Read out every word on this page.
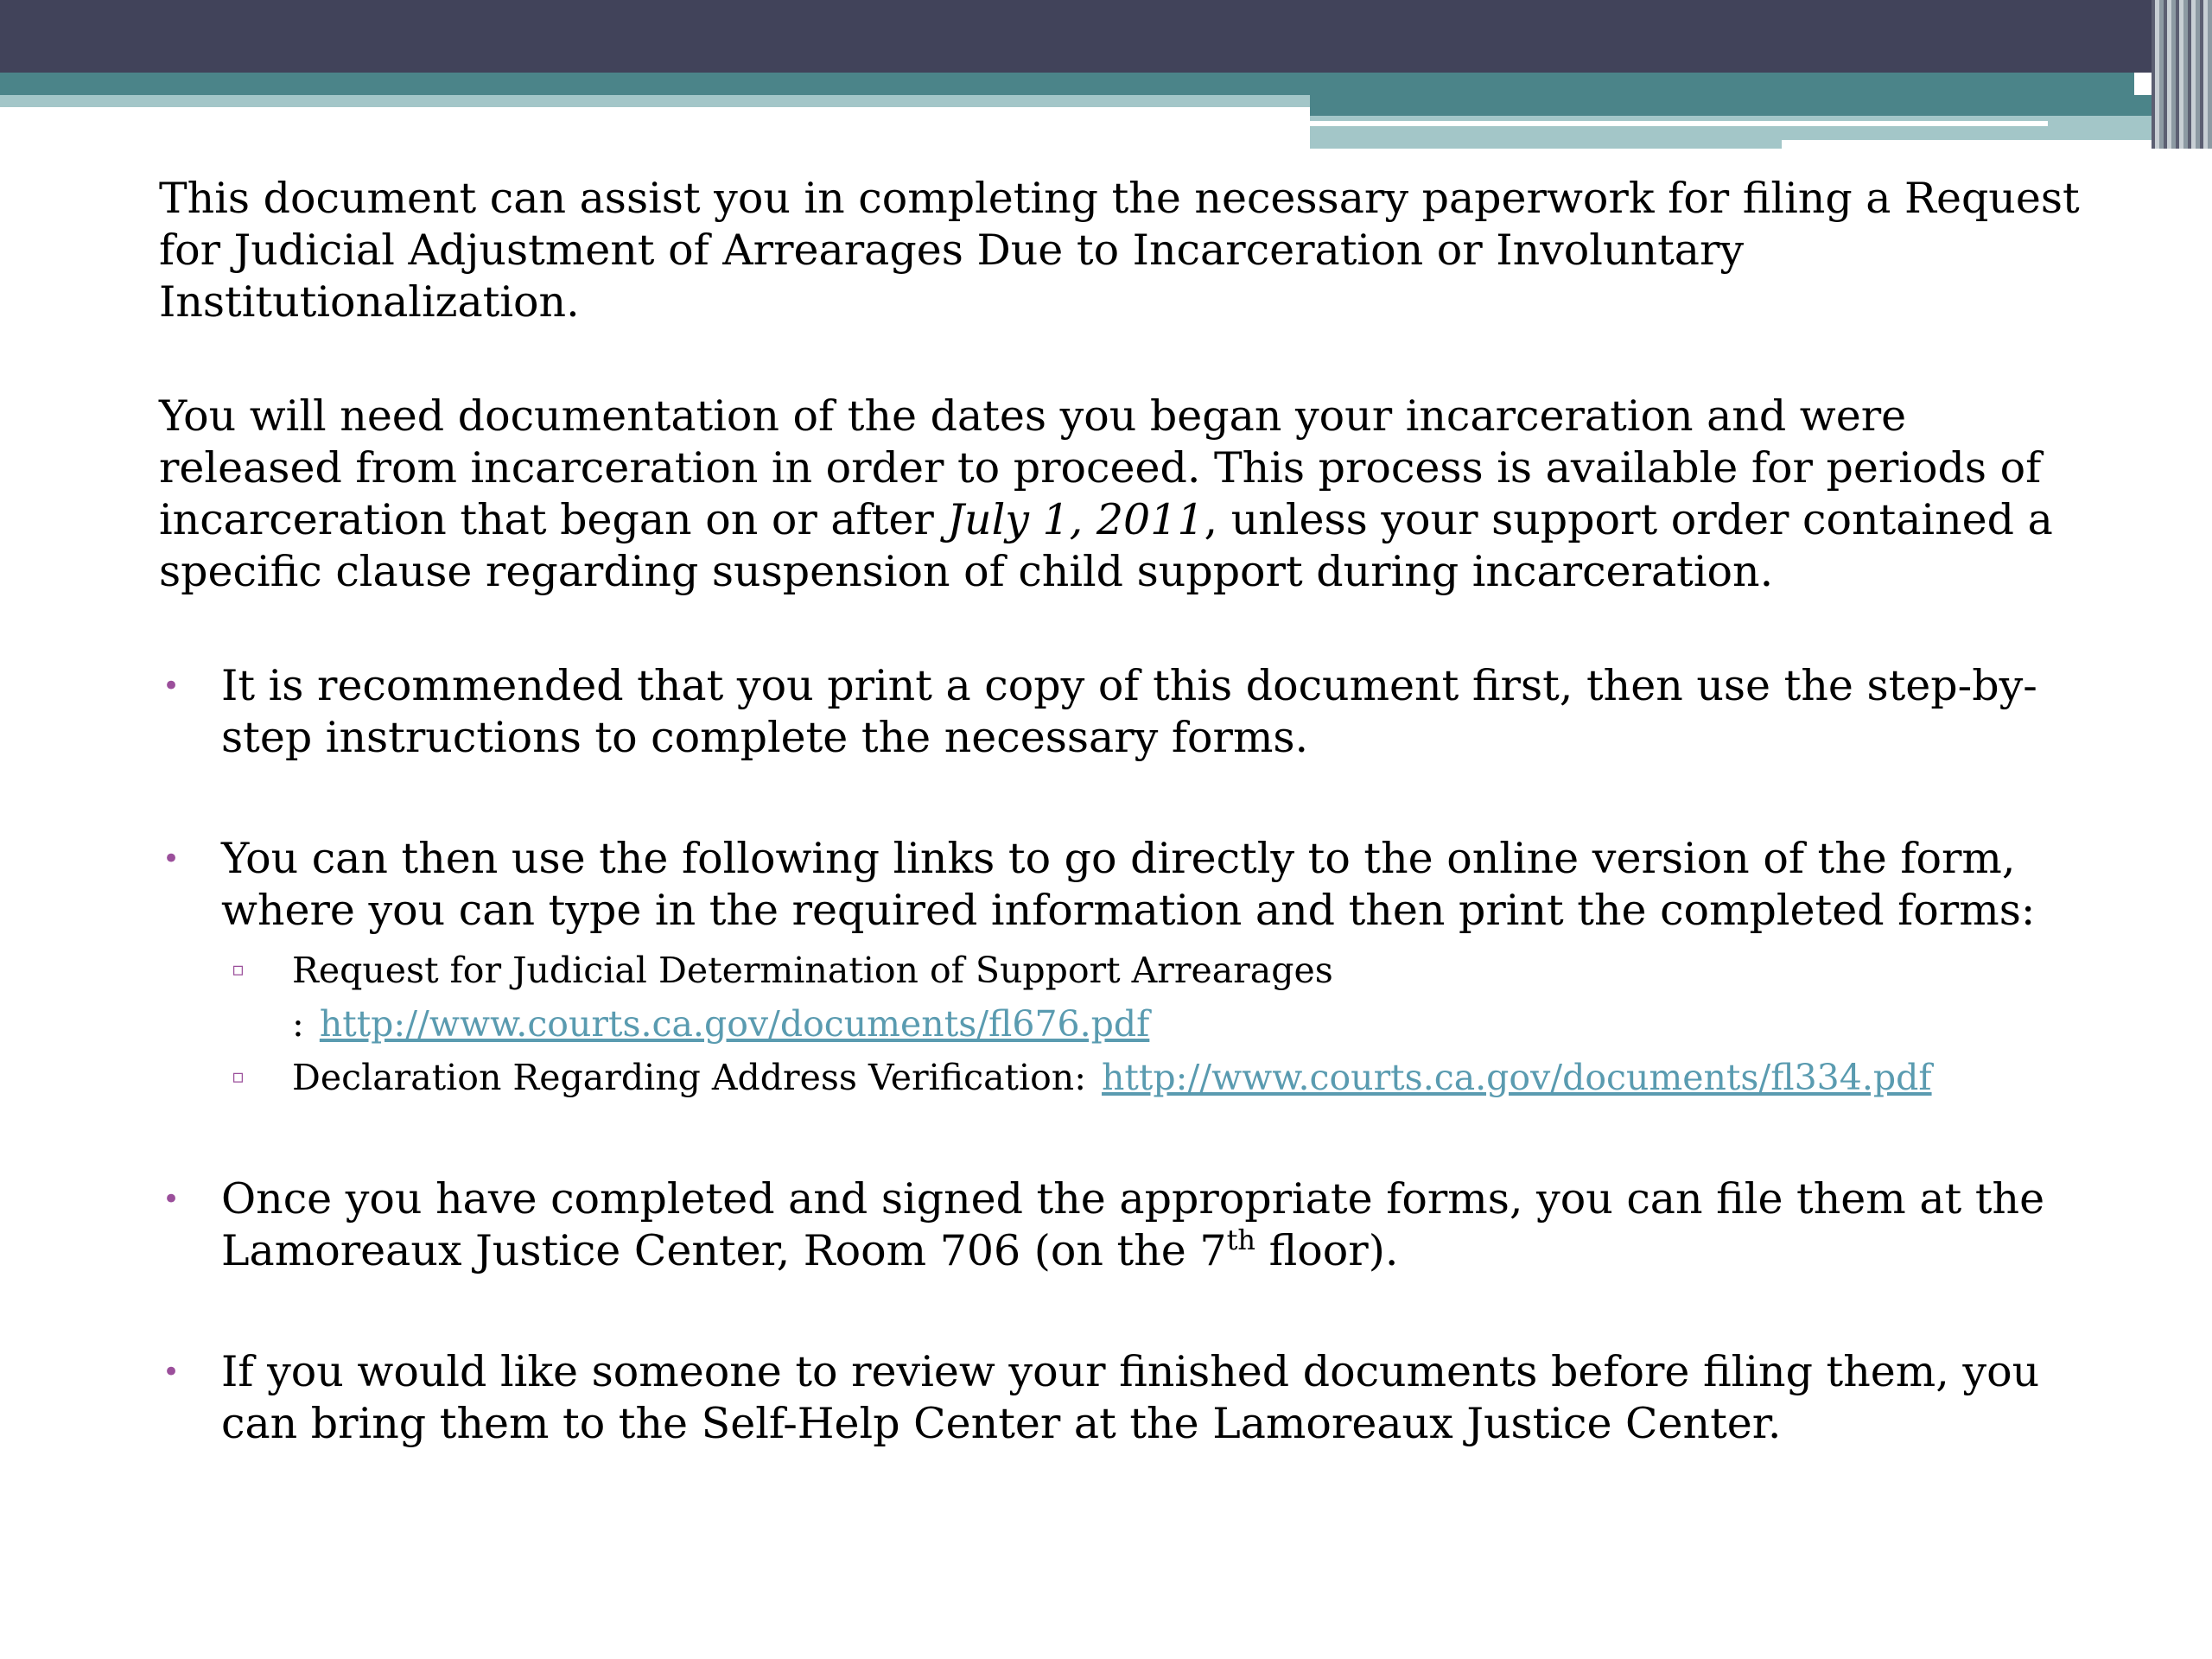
This document can assist you in completing the necessary paperwork for filing a Request for Judicial Adjustment of Arrearages Due to Incarceration or Involuntary Institutionalization.

You will need documentation of the dates you began your incarceration and were released from incarceration in order to proceed. This process is available for periods of incarceration that began on or after July 1, 2011, unless your support order contained a specific clause regarding suspension of child support during incarceration.

• It is recommended that you print a copy of this document first, then use the step-by-step instructions to complete the necessary forms.
• You can then use the following links to go directly to the online version of the form, where you can type in the required information and then print the completed forms:
▫ Request for Judicial Determination of Support Arrearages : http://www.courts.ca.gov/documents/fl676.pdf
▫ Declaration Regarding Address Verification: http://www.courts.ca.gov/documents/fl334.pdf
• Once you have completed and signed the appropriate forms, you can file them at the Lamoreaux Justice Center, Room 706 (on the 7th floor).
• If you would like someone to review your finished documents before filing them, you can bring them to the Self-Help Center at the Lamoreaux Justice Center.
